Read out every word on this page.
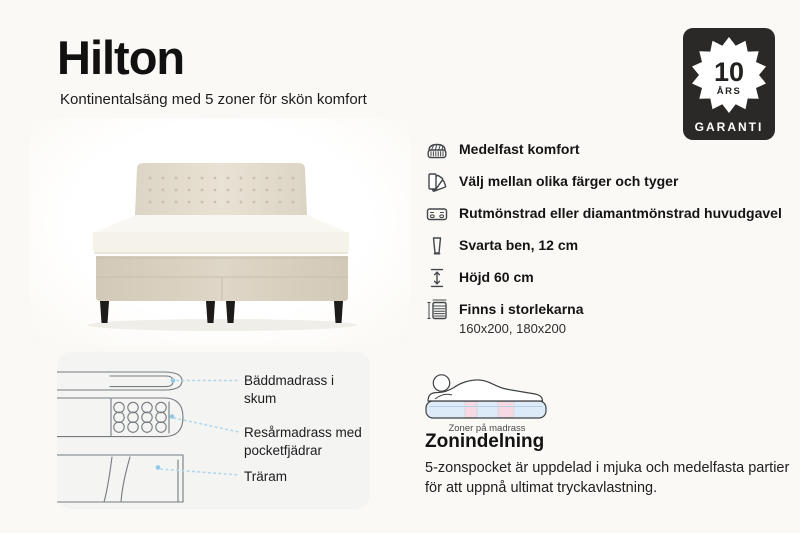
Hilton
Kontinentalsäng med 5 zoner för skön komfort
10
ÅRS
GARANTI
Medelfast komfort
Välj mellan olika färger och tyger
Rutmönstrad eller diamantmönstrad huvudgavel
Svarta ben, 12 cm
Höjd 60 cm
Finns i storlekarna
160x200, 180x200
Bäddmadrass i skum
Resårmadrass med pocketfjädrar
Träram
Zoner på madrass
Zonindelning
5-zonspocket är uppdelad i mjuka och medelfasta partier för att uppnå ultimat tryckavlastning.
